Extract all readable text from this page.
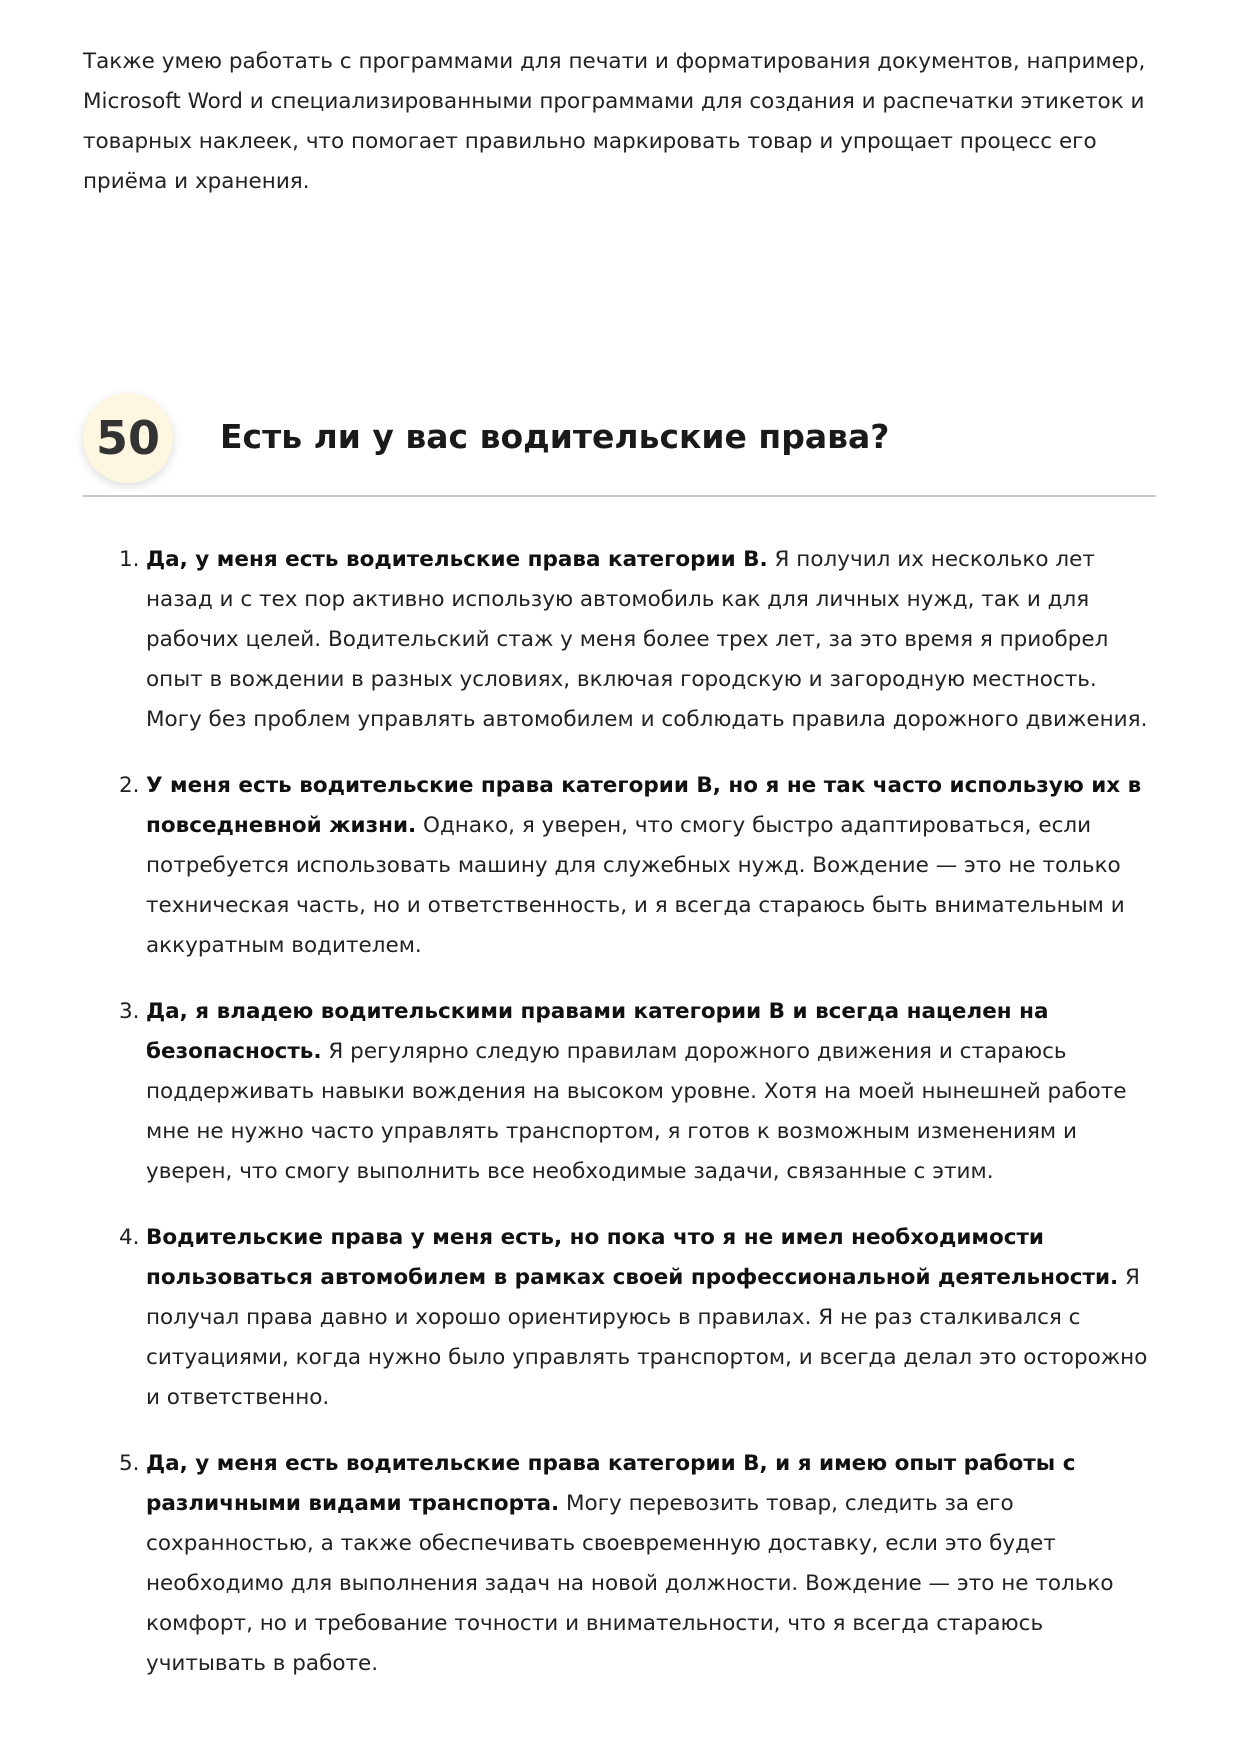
Также умею работать с программами для печати и форматирования документов, например, Microsoft Word и специализированными программами для создания и распечатки этикеток и товарных наклеек, что помогает правильно маркировать товар и упрощает процесс его приёма и хранения.

50	Есть ли у вас водительские права?
1. Да, у меня есть водительские права категории B. Я получил их несколько лет назад и с тех пор активно использую автомобиль как для личных нужд, так и для рабочих целей. Водительский стаж у меня более трех лет, за это время я приобрел опыт в вождении в разных условиях, включая городскую и загородную местность. Могу без проблем управлять автомобилем и соблюдать правила дорожного движения.
2. У меня есть водительские права категории B, но я не так часто использую их в повседневной жизни. Однако, я уверен, что смогу быстро адаптироваться, если потребуется использовать машину для служебных нужд. Вождение — это не только техническая часть, но и ответственность, и я всегда стараюсь быть внимательным и аккуратным водителем.
3. Да, я владею водительскими правами категории B и всегда нацелен на безопасность. Я регулярно следую правилам дорожного движения и стараюсь поддерживать навыки вождения на высоком уровне. Хотя на моей нынешней работе мне не нужно часто управлять транспортом, я готов к возможным изменениям и уверен, что смогу выполнить все необходимые задачи, связанные с этим.
4. Водительские права у меня есть, но пока что я не имел необходимости пользоваться автомобилем в рамках своей профессиональной деятельности. Я получал права давно и хорошо ориентируюсь в правилах. Я не раз сталкивался с ситуациями, когда нужно было управлять транспортом, и всегда делал это осторожно и ответственно.
5. Да, у меня есть водительские права категории B, и я имею опыт работы с различными видами транспорта. Могу перевозить товар, следить за его сохранностью, а также обеспечивать своевременную доставку, если это будет необходимо для выполнения задач на новой должности. Вождение — это не только комфорт, но и требование точности и внимательности, что я всегда стараюсь учитывать в работе.
